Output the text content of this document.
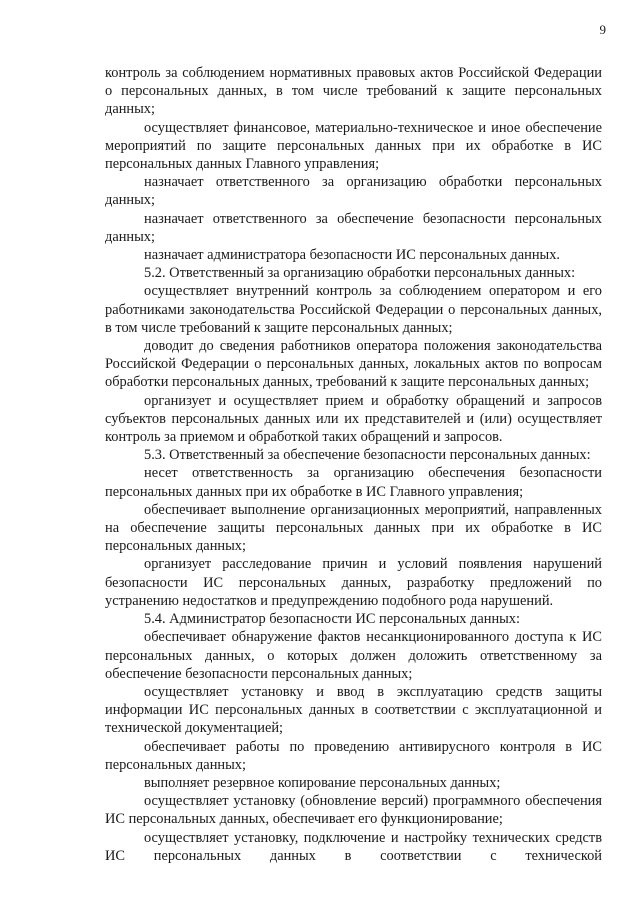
9

контроль за соблюдением нормативных правовых актов Российской Федерации о персональных данных, в том числе требований к защите персональных данных;

осуществляет финансовое, материально-техническое и иное обеспечение мероприятий по защите персональных данных при их обработке в ИС персональных данных Главного управления;

назначает ответственного за организацию обработки персональных данных;

назначает ответственного за обеспечение безопасности персональных данных;

назначает администратора безопасности ИС персональных данных.

5.2. Ответственный за организацию обработки персональных данных:

осуществляет внутренний контроль за соблюдением оператором и его работниками законодательства Российской Федерации о персональных данных, в том числе требований к защите персональных данных;

доводит до сведения работников оператора положения законодательства Российской Федерации о персональных данных, локальных актов по вопросам обработки персональных данных, требований к защите персональных данных;

организует и осуществляет прием и обработку обращений и запросов субъектов персональных данных или их представителей и (или) осуществляет контроль за приемом и обработкой таких обращений и запросов.

5.3. Ответственный за обеспечение безопасности персональных данных:

несет ответственность за организацию обеспечения безопасности персональных данных при их обработке в ИС Главного управления;

обеспечивает выполнение организационных мероприятий, направленных на обеспечение защиты персональных данных при их обработке в ИС персональных данных;

организует расследование причин и условий появления нарушений безопасности ИС персональных данных, разработку предложений по устранению недостатков и предупреждению подобного рода нарушений.

5.4. Администратор безопасности ИС персональных данных:

обеспечивает обнаружение фактов несанкционированного доступа к ИС персональных данных, о которых должен доложить ответственному за обеспечение безопасности персональных данных;

осуществляет установку и ввод в эксплуатацию средств защиты информации ИС персональных данных в соответствии с эксплуатационной и технической документацией;

обеспечивает работы по проведению антивирусного контроля в ИС персональных данных;

выполняет резервное копирование персональных данных;

осуществляет установку (обновление версий) программного обеспечения ИС персональных данных, обеспечивает его функционирование;

осуществляет установку, подключение и настройку технических средств ИС персональных данных в соответствии с технической
